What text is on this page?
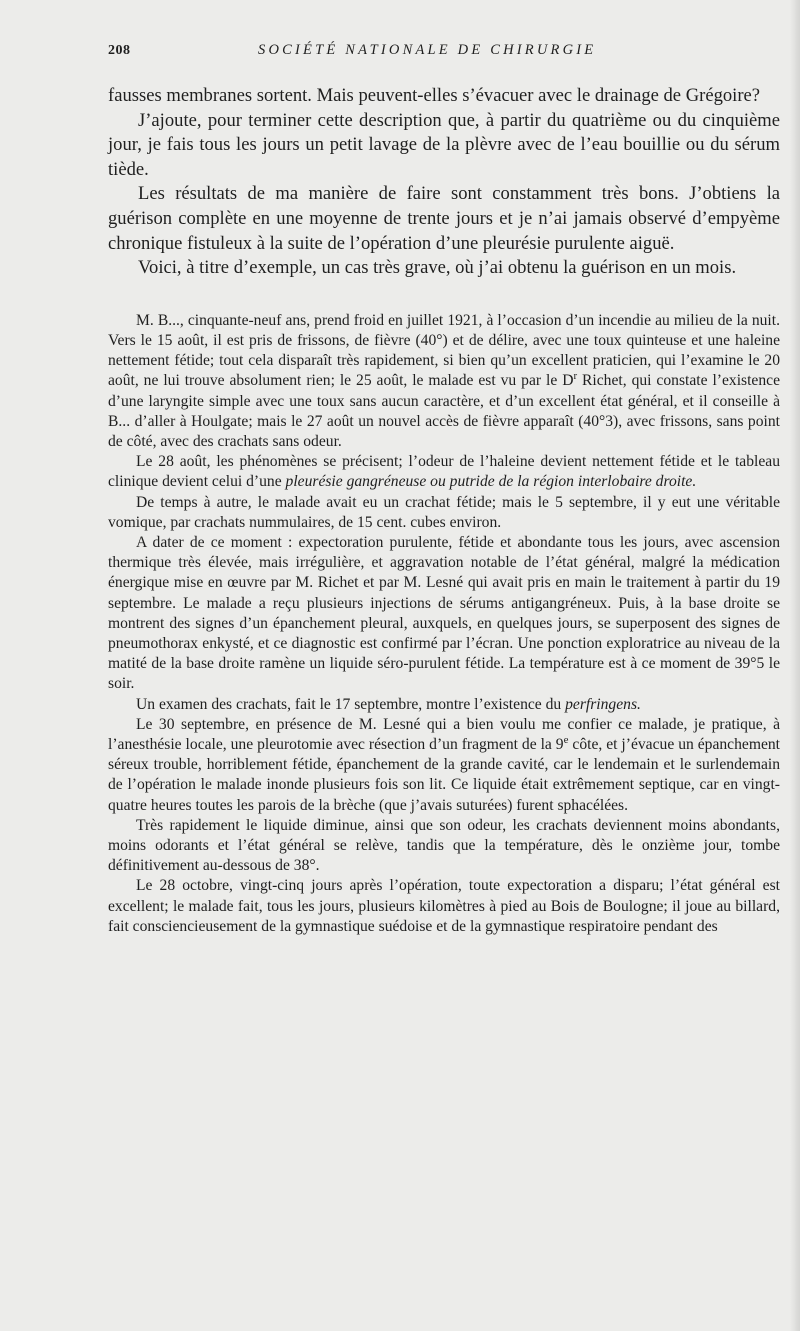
208	SOCIÉTÉ NATIONALE DE CHIRURGIE

fausses membranes sortent. Mais peuvent-elles s’évacuer avec le drainage de Grégoire?

J’ajoute, pour terminer cette description que, à partir du quatrième ou du cinquième jour, je fais tous les jours un petit lavage de la plèvre avec de l’eau bouillie ou du sérum tiède.

Les résultats de ma manière de faire sont constamment très bons. J’obtiens la guérison complète en une moyenne de trente jours et je n’ai jamais observé d’empyème chronique fistuleux à la suite de l’opération d’une pleurésie purulente aiguë.

Voici, à titre d’exemple, un cas très grave, où j’ai obtenu la guérison en un mois.

M. B..., cinquante-neuf ans, prend froid en juillet 1921, à l’occasion d’un incendie au milieu de la nuit. Vers le 15 août, il est pris de frissons, de fièvre (40°) et de délire, avec une toux quinteuse et une haleine nettement fétide; tout cela disparaît très rapidement, si bien qu’un excellent praticien, qui l’examine le 20 août, ne lui trouve absolument rien; le 25 août, le malade est vu par le $D^r$ Richet, qui constate l’existence d’une laryngite simple avec une toux sans aucun caractère, et d’un excellent état général, et il conseille à B... d’aller à Houlgate; mais le 27 août un nouvel accès de fièvre apparaît (40°3), avec frissons, sans point de côté, avec des crachats sans odeur.

Le 28 août, les phénomènes se précisent; l’odeur de l’haleine devient nettement fétide et le tableau clinique devient celui d’une pleurésie gangréneuse ou putride de la région interlobaire droite.

De temps à autre, le malade avait eu un crachat fétide; mais le 5 septembre, il y eut une véritable vomique, par crachats nummulaires, de 15 cent. cubes environ.

A dater de ce moment : expectoration purulente, fétide et abondante tous les jours, avec ascension thermique très élevée, mais irrégulière, et aggravation notable de l’état général, malgré la médication énergique mise en œuvre par M. Richet et par M. Lesné qui avait pris en main le traitement à partir du 19 septembre. Le malade a reçu plusieurs injections de sérums antigangréneux. Puis, à la base droite se montrent des signes d’un épanchement pleural, auxquels, en quelques jours, se superposent des signes de pneumothorax enkysté, et ce diagnostic est confirmé par l’écran. Une ponction exploratrice au niveau de la matité de la base droite ramène un liquide séro-purulent fétide. La température est à ce moment de 39°5 le soir.

Un examen des crachats, fait le 17 septembre, montre l’existence du perfringens.

Le 30 septembre, en présence de M. Lesné qui a bien voulu me confier ce malade, je pratique, à l’anesthésie locale, une pleurotomie avec résection d’un fragment de la 9e côte, et j’évacue un épanchement séreux trouble, horriblement fétide, épanchement de la grande cavité, car le lendemain et le surlendemain de l’opération le malade inonde plusieurs fois son lit. Ce liquide était extrêmement septique, car en vingt-quatre heures toutes les parois de la brèche (que j’avais suturées) furent sphacélées.

Très rapidement le liquide diminue, ainsi que son odeur, les crachats deviennent moins abondants, moins odorants et l’état général se relève, tandis que la température, dès le onzième jour, tombe définitivement au-dessous de 38°.

Le 28 octobre, vingt-cinq jours après l’opération, toute expectoration a disparu; l’état général est excellent; le malade fait, tous les jours, plusieurs kilomètres à pied au Bois de Boulogne; il joue au billard, fait consciencieusement de la gymnastique suédoise et de la gymnastique respiratoire pendant des
